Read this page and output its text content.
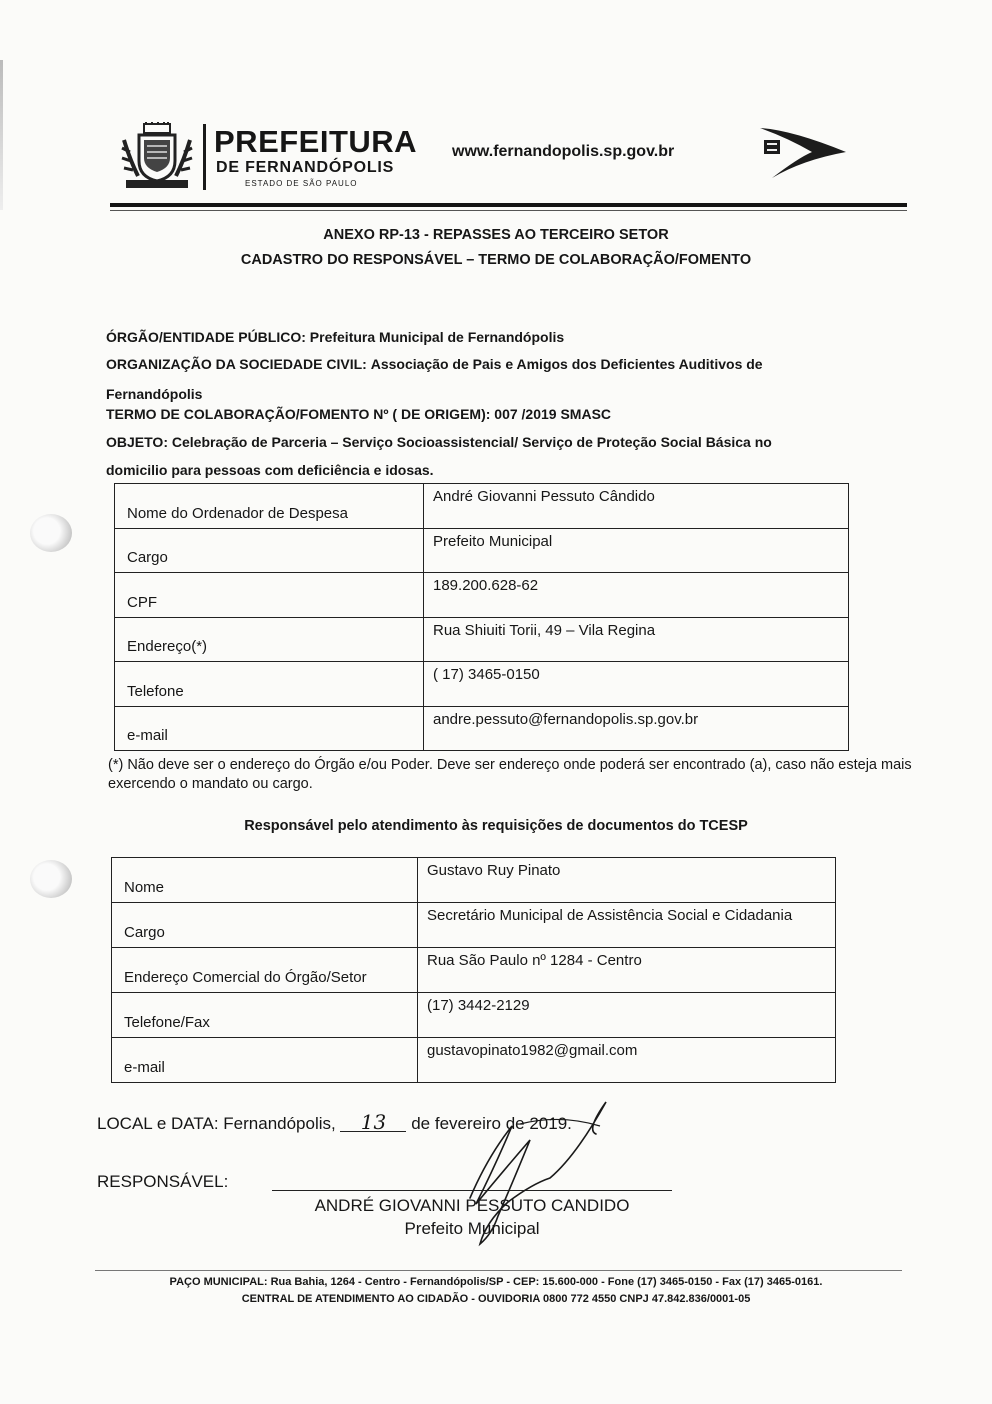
PREFEITURA
DE FERNANDÓPOLIS
ESTADO DE SÃO PAULO
www.fernandopolis.sp.gov.br
ANEXO RP-13 - REPASSES AO TERCEIRO SETOR
CADASTRO DO RESPONSÁVEL – TERMO DE COLABORAÇÃO/FOMENTO
ÓRGÃO/ENTIDADE PÚBLICO: Prefeitura Municipal de Fernandópolis
ORGANIZAÇÃO DA SOCIEDADE CIVIL: Associação de Pais e Amigos dos Deficientes Auditivos de
Fernandópolis
TERMO DE COLABORAÇÃO/FOMENTO Nº ( DE ORIGEM): 007 /2019 SMASC
OBJETO: Celebração de Parceria – Serviço Socioassistencial/ Serviço de Proteção Social Básica no
domicilio para pessoas com deficiência e idosas.
Nome do Ordenador de Despesa	André Giovanni Pessuto Cândido
Cargo	Prefeito Municipal
CPF	189.200.628-62
Endereço(*)	Rua Shiuiti Torii, 49 – Vila Regina
Telefone	( 17) 3465-0150
e-mail	andre.pessuto@fernandopolis.sp.gov.br
(*) Não deve ser o endereço do Órgão e/ou Poder. Deve ser endereço onde poderá ser encontrado (a), caso não esteja mais exercendo o mandato ou cargo.
Responsável pelo atendimento às requisições de documentos do TCESP
Nome	Gustavo Ruy Pinato
Cargo	Secretário Municipal de Assistência Social e Cidadania
Endereço Comercial do Órgão/Setor	Rua São Paulo nº 1284 - Centro
Telefone/Fax	(17) 3442-2129
e-mail	gustavopinato1982@gmail.com
LOCAL e DATA: Fernandópolis, 13 de fevereiro de 2019.
RESPONSÁVEL:
ANDRÉ GIOVANNI PESSUTO CANDIDO
Prefeito Municipal
PAÇO MUNICIPAL: Rua Bahia, 1264 - Centro - Fernandópolis/SP - CEP: 15.600-000 - Fone (17) 3465-0150 - Fax (17) 3465-0161.
CENTRAL DE ATENDIMENTO AO CIDADÃO - OUVIDORIA 0800 772 4550 CNPJ 47.842.836/0001-05
